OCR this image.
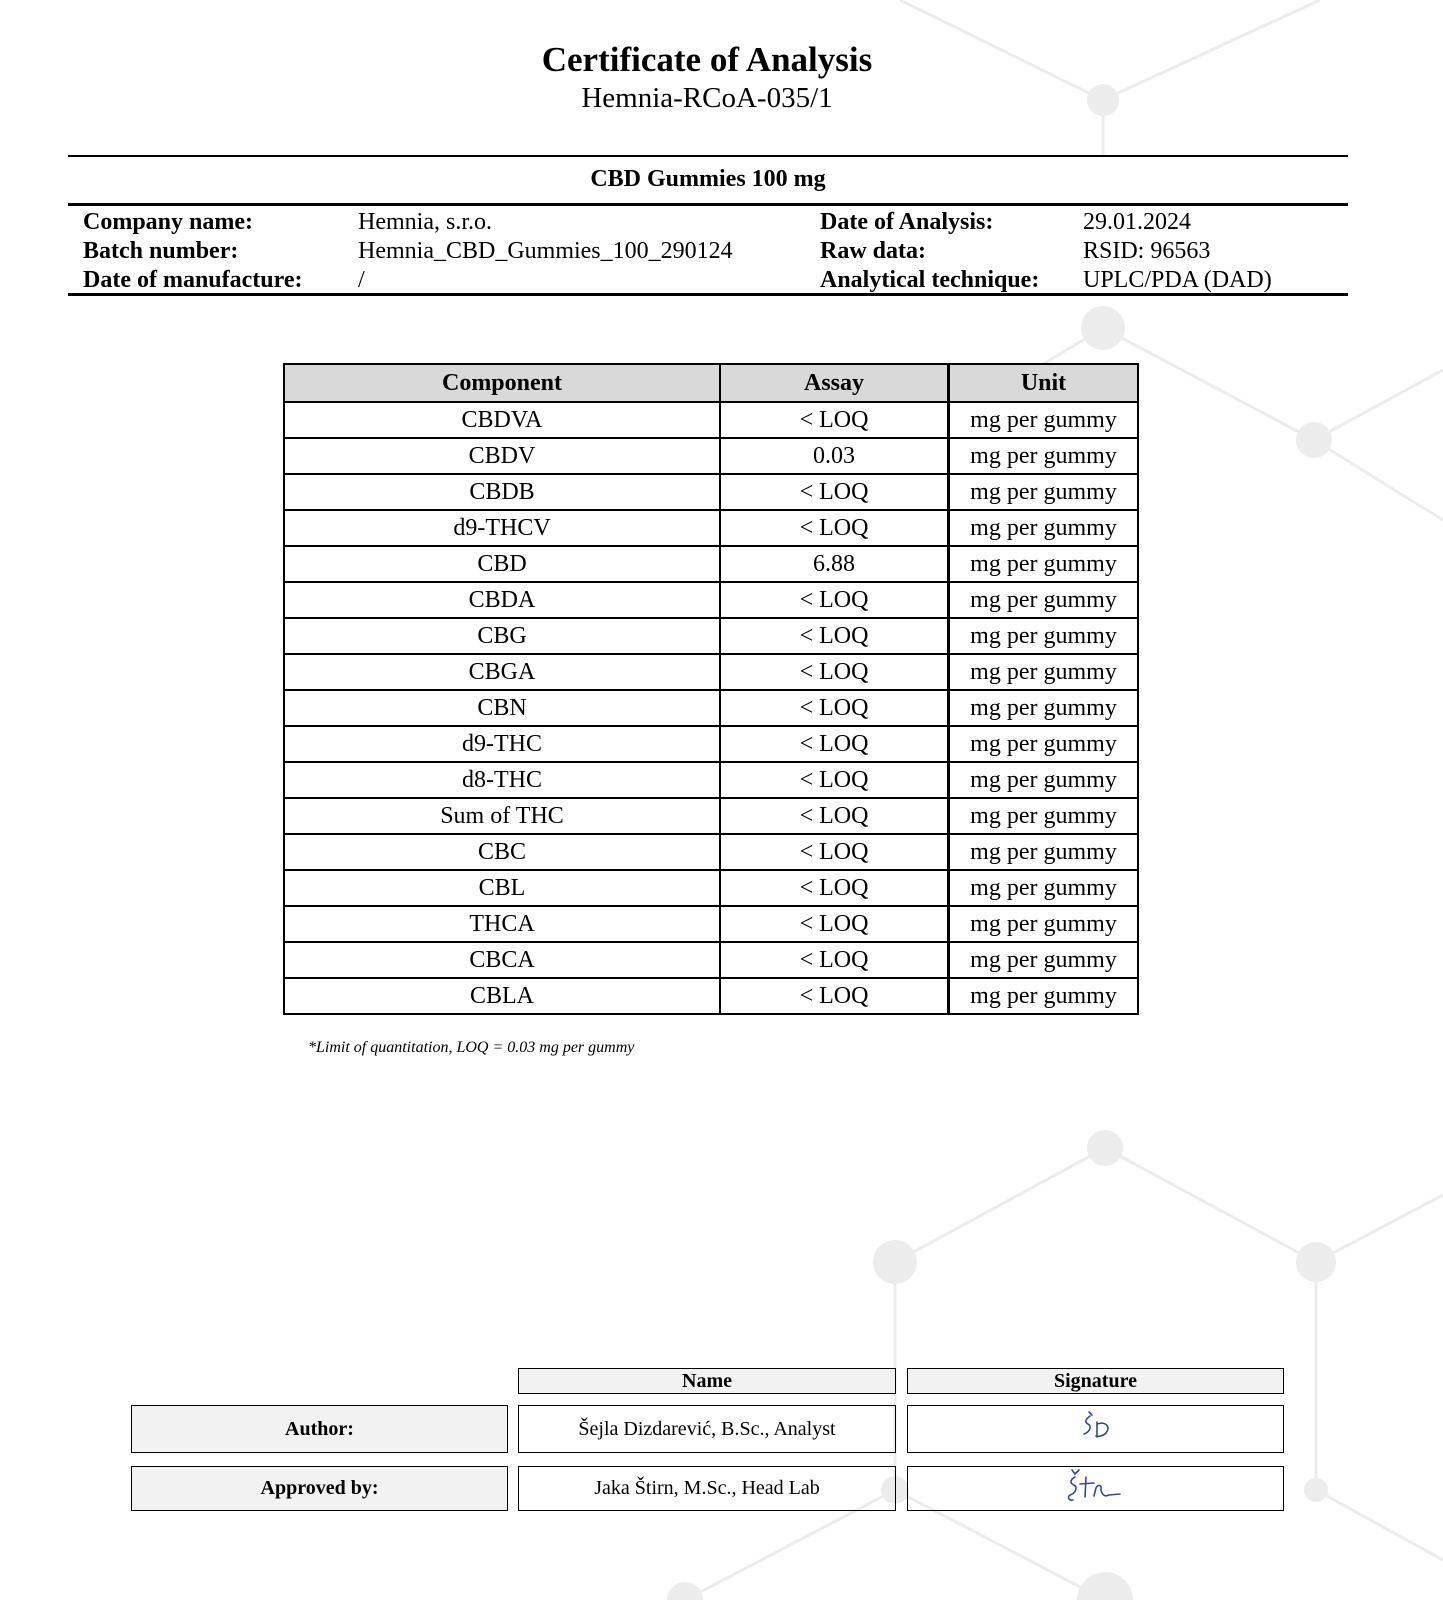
Certificate of Analysis
Hemnia-RCoA-035/1
CBD Gummies 100 mg
Company name:	Hemnia, s.r.o.	Date of Analysis:	29.01.2024
Batch number:	Hemnia_CBD_Gummies_100_290124	Raw data:	RSID: 96563
Date of manufacture: /	Analytical technique: UPLC/PDA (DAD)
Component	Assay	Unit
CBDVA	< LOQ	mg per gummy
CBDV	0.03	mg per gummy
CBDB	< LOQ	mg per gummy
d9-THCV	< LOQ	mg per gummy
CBD	6.88	mg per gummy
CBDA	< LOQ	mg per gummy
CBG	< LOQ	mg per gummy
CBGA	< LOQ	mg per gummy
CBN	< LOQ	mg per gummy
d9-THC	< LOQ	mg per gummy
d8-THC	< LOQ	mg per gummy
Sum of THC	< LOQ	mg per gummy
CBC	< LOQ	mg per gummy
CBL	< LOQ	mg per gummy
THCA	< LOQ	mg per gummy
CBCA	< LOQ	mg per gummy
CBLA	< LOQ	mg per gummy
*Limit of quantitation, LOQ = 0.03 mg per gummy
Name	Signature
Author:	Šejla Dizdarević, B.Sc., Analyst
Approved by:	Jaka Štirn, M.Sc., Head Lab
